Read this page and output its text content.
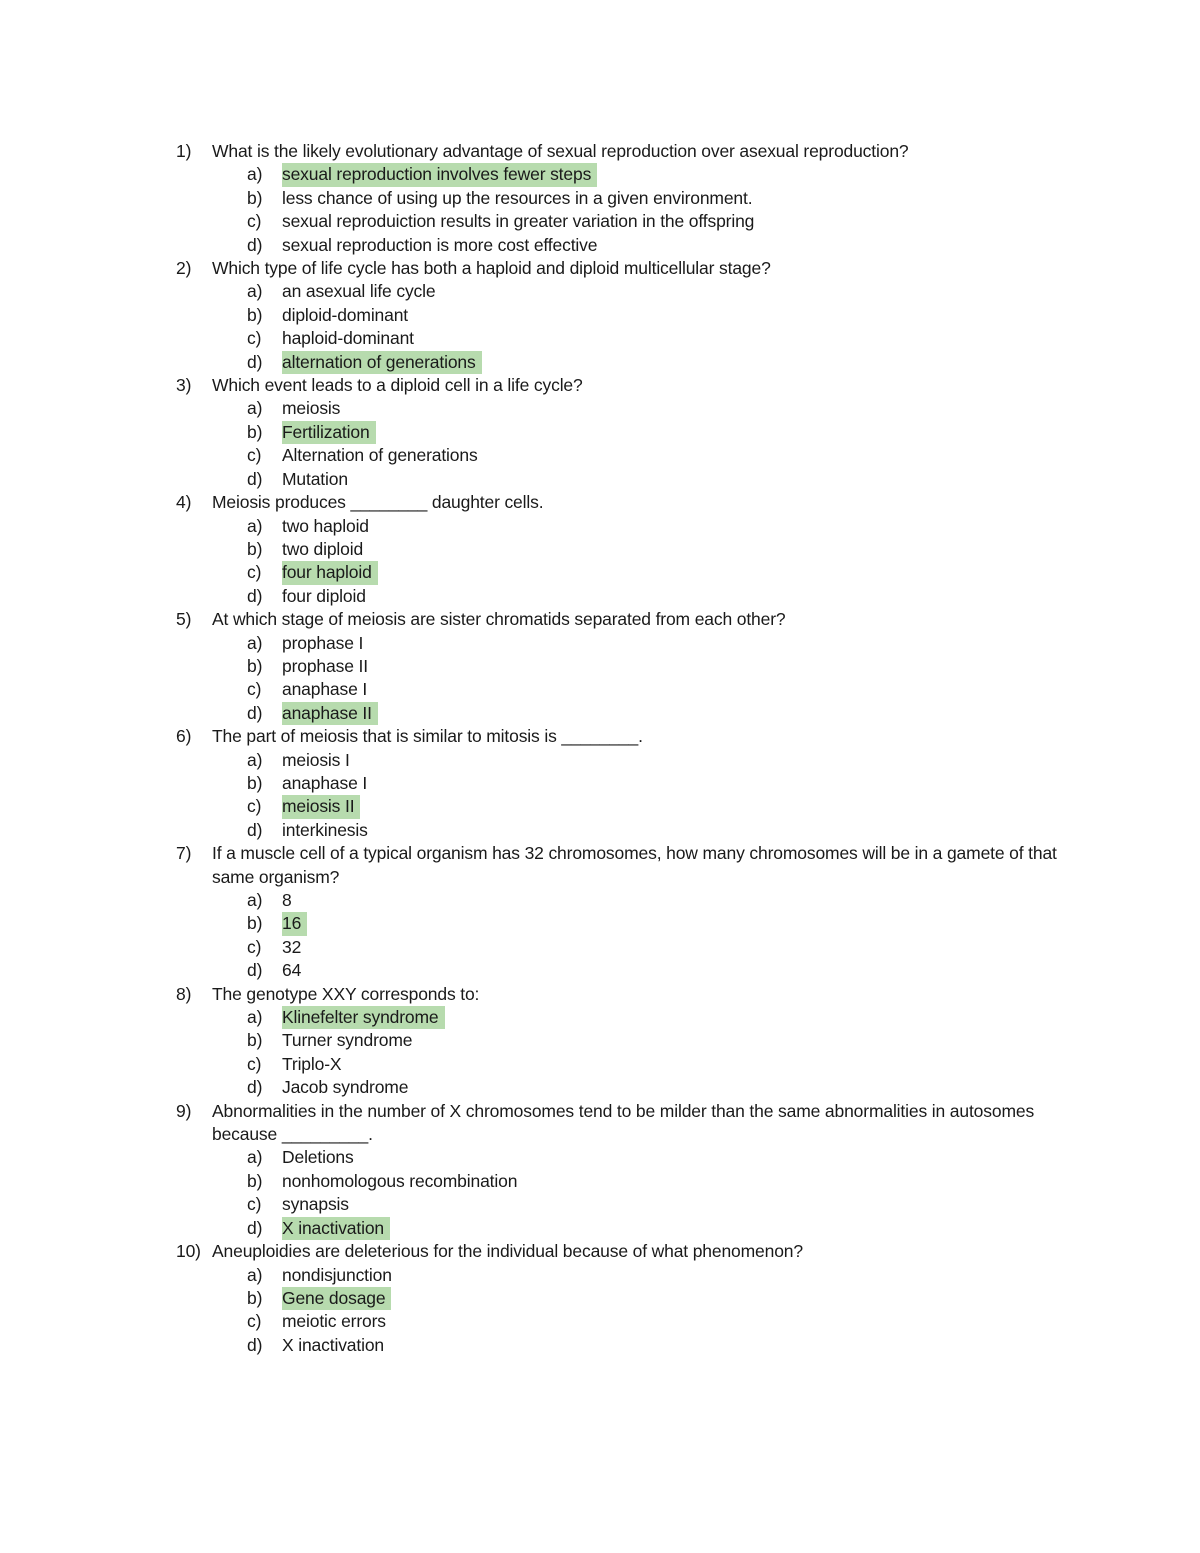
1)	What is the likely evolutionary advantage of sexual reproduction over asexual reproduction?
a)	sexual reproduction involves fewer steps
b)	less chance of using up the resources in a given environment.
c)	sexual reproduiction results in greater variation in the offspring
d)	sexual reproduction is more cost effective
2)	Which type of life cycle has both a haploid and diploid multicellular stage?
a)	an asexual life cycle
b)	diploid-dominant
c)	haploid-dominant
d)	alternation of generations
3)	Which event leads to a diploid cell in a life cycle?
a)	meiosis
b)	Fertilization
c)	Alternation of generations
d)	Mutation
4)	Meiosis produces ________ daughter cells.
a)	two haploid
b)	two diploid
c)	four haploid
d)	four diploid
5)	At which stage of meiosis are sister chromatids separated from each other?
a)	prophase I
b)	prophase II
c)	anaphase I
d)	anaphase II
6)	The part of meiosis that is similar to mitosis is ________.
a)	meiosis I
b)	anaphase I
c)	meiosis II
d)	interkinesis
7)	If a muscle cell of a typical organism has 32 chromosomes, how many chromosomes will be in a gamete of that same organism?
a)	8
b)	16
c)	32
d)	64
8)	The genotype XXY corresponds to:
a)	Klinefelter syndrome
b)	Turner syndrome
c)	Triplo-X
d)	Jacob syndrome
9)	Abnormalities in the number of X chromosomes tend to be milder than the same abnormalities in autosomes because _________.
a)	Deletions
b)	nonhomologous recombination
c)	synapsis
d)	X inactivation
10) Aneuploidies are deleterious for the individual because of what phenomenon?
a)	nondisjunction
b)	Gene dosage
c)	meiotic errors
d)	X inactivation
